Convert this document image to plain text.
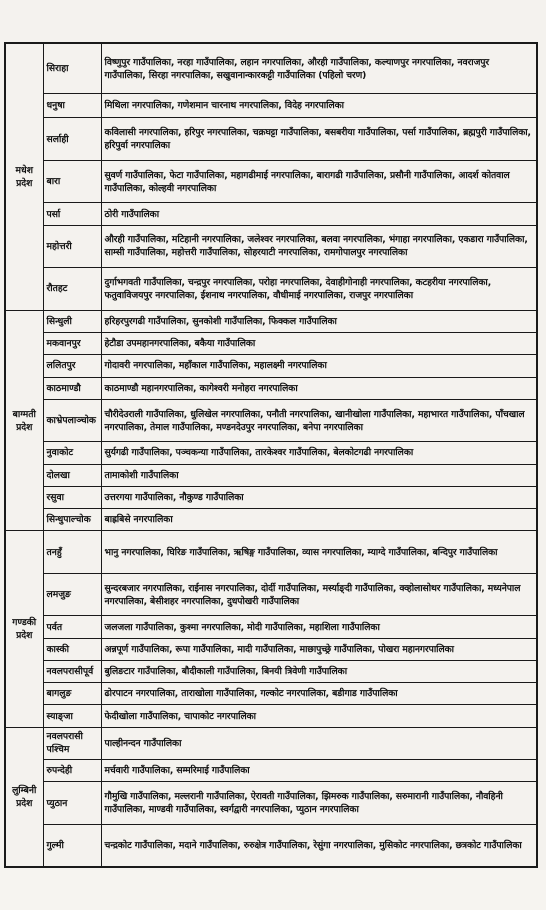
मधेश प्रदेश	सिराहा	विष्णुपुर गाउँपालिका, नरहा गाउँपालिका, लहान नगरपालिका, औरही गाउँपालिका, कल्याणपुर नगरपालिका, नवराजपुर गाउँपालिका, सिरहा नगरपालिका, सखुवानान्कारकट्टी गाउँपालिका (पहिलो चरण)
	धनुषा	मिथिला नगरपालिका, गणेशमान चारनाथ नगरपालिका, विदेह नगरपालिका
	सर्लाही	कविलासी नगरपालिका, हरिपुर नगरपालिका, चक्रघट्टा गाउँपालिका, बसबरीया गाउँपालिका, पर्सा गाउँपालिका, ब्रह्मपुरी गाउँपालिका, हरिपुर्वा नगरपालिका
	बारा	सुवर्ण गाउँपालिका, फेटा गाउँपालिका, महागढीमाई नगरपालिका, बारागढी गाउँपालिका, प्रसौनी गाउँपालिका, आदर्श कोतवाल गाउँपालिका, कोल्हवी नगरपालिका
	पर्सा	ठोरी गाउँपालिका
	महोत्तरी	औरही गाउँपालिका, मटिहानी नगरपालिका, जलेश्वर नगरपालिका, बलवा नगरपालिका, भंगाहा नगरपालिका, एकडारा गाउँपालिका, साम्सी गाउँपालिका, महोत्तरी गाउँपालिका, सोहरयाटी नगरपालिका, रामगोपालपुर नगरपालिका
	रौतहट	दुर्गाभगवती गाउँपालिका, चन्द्रपुर नगरपालिका, परोहा नगरपालिका, देवाहीगोनाही नगरपालिका, कटहरीया नगरपालिका, फतुवाविजयपुर नगरपालिका, ईशनाथ नगरपालिका, वौधीमाई नगरपालिका, राजपुर नगरपालिका
बाग्मती प्रदेश	सिन्धुली	हरिहरपुरगढी गाउँपालिका, सुनकोशी गाउँपालिका, फिक्कल गाउँपालिका
	मकवानपुर	हेटौडा उपमहानगरपालिका, बकैया गाउँपालिका
	ललितपुर	गोदावरी नगरपालिका, महाँकाल गाउँपालिका, महालक्ष्मी नगरपालिका
	काठमाण्डौ	काठमाण्डौ महानगरपालिका, कागेश्वरी मनोहरा नगरपालिका
	काभ्रेपलाञ्चोक	चौरीदेउराली गाउँपालिका, धुलिखेल नगरपालिका, पनौती नगरपालिका, खानीखोला गाउँपालिका, महाभारत गाउँपालिका, पाँचखाल नगरपालिका, तेमाल गाउँपालिका, मण्डनदेउपुर नगरपालिका, बनेपा नगरपालिका
	नुवाकोट	सुर्यगढी गाउँपालिका, पञ्चकन्या गाउँपालिका, तारकेश्वर गाउँपालिका, बेलकोटगढी नगरपालिका
	दोलखा	तामाकोशी गाउँपालिका
	रसुवा	उत्तरगया गाउँपालिका, नौकुण्ड गाउँपालिका
	सिन्धुपाल्चोक	बाह्रबिसे नगरपालिका
गण्डकी प्रदेश	तनहुँ	भानु नगरपालिका, घिरिङ गाउँपालिका, ऋषिङ्ग गाउँपालिका, व्यास नगरपालिका, म्याग्दे गाउँपालिका, बन्दिपुर गाउँपालिका
	लमजुङ	सुन्दरबजार नगरपालिका, राईनास नगरपालिका, दोर्दी गाउँपालिका, मर्स्याङ्दी गाउँपालिका, क्व्होलासोथर गाउँपालिका, मध्यनेपाल नगरपालिका, बेसीशहर नगरपालिका, दुधपोखरी गाउँपालिका
	पर्वत	जलजला गाउँपालिका, कुश्मा नगरपालिका, मोदी गाउँपालिका, महाशिला गाउँपालिका
	कास्की	अन्नपूर्ण गाउँपालिका, रूपा गाउँपालिका, मादी गाउँपालिका, माछापुच्छ्रे गाउँपालिका, पोखरा महानगरपालिका
	नवलपरासीपूर्व	बुलिङटार गाउँपालिका, बौदीकाली गाउँपालिका, बिनयी त्रिवेणी गाउँपालिका
	बागलुङ	ढोरपाटन नगरपालिका, ताराखोला गाउँपालिका, गल्कोट नगरपालिका, बडीगाड गाउँपालिका
	स्याङ्जा	फेदीखोला गाउँपालिका, चापाकोट नगरपालिका
लुम्बिनी प्रदेश	नवलपरासी पश्चिम	पाल्हीनन्दन गाउँपालिका
	रुपन्देही	मर्चवारी गाउँपालिका, सम्मरिमाई गाउँपालिका
	प्युठान	गौमुखि गाउँपालिका, मल्लरानी गाउँपालिका, ऐरावती गाउँपालिका, झिमरुक गाउँपालिका, सरुमारानी गाउँपालिका, नौवहिनी गाउँपालिका, माण्डवी गाउँपालिका, स्वर्गद्वारी नगरपालिका, प्युठान नगरपालिका
	गुल्मी	चन्द्रकोट गाउँपालिका, मदाने गाउँपालिका, रुरुक्षेत्र गाउँपालिका, रेसुंगा नगरपालिका, मुसिकोट नगरपालिका, छत्रकोट गाउँपालिका
